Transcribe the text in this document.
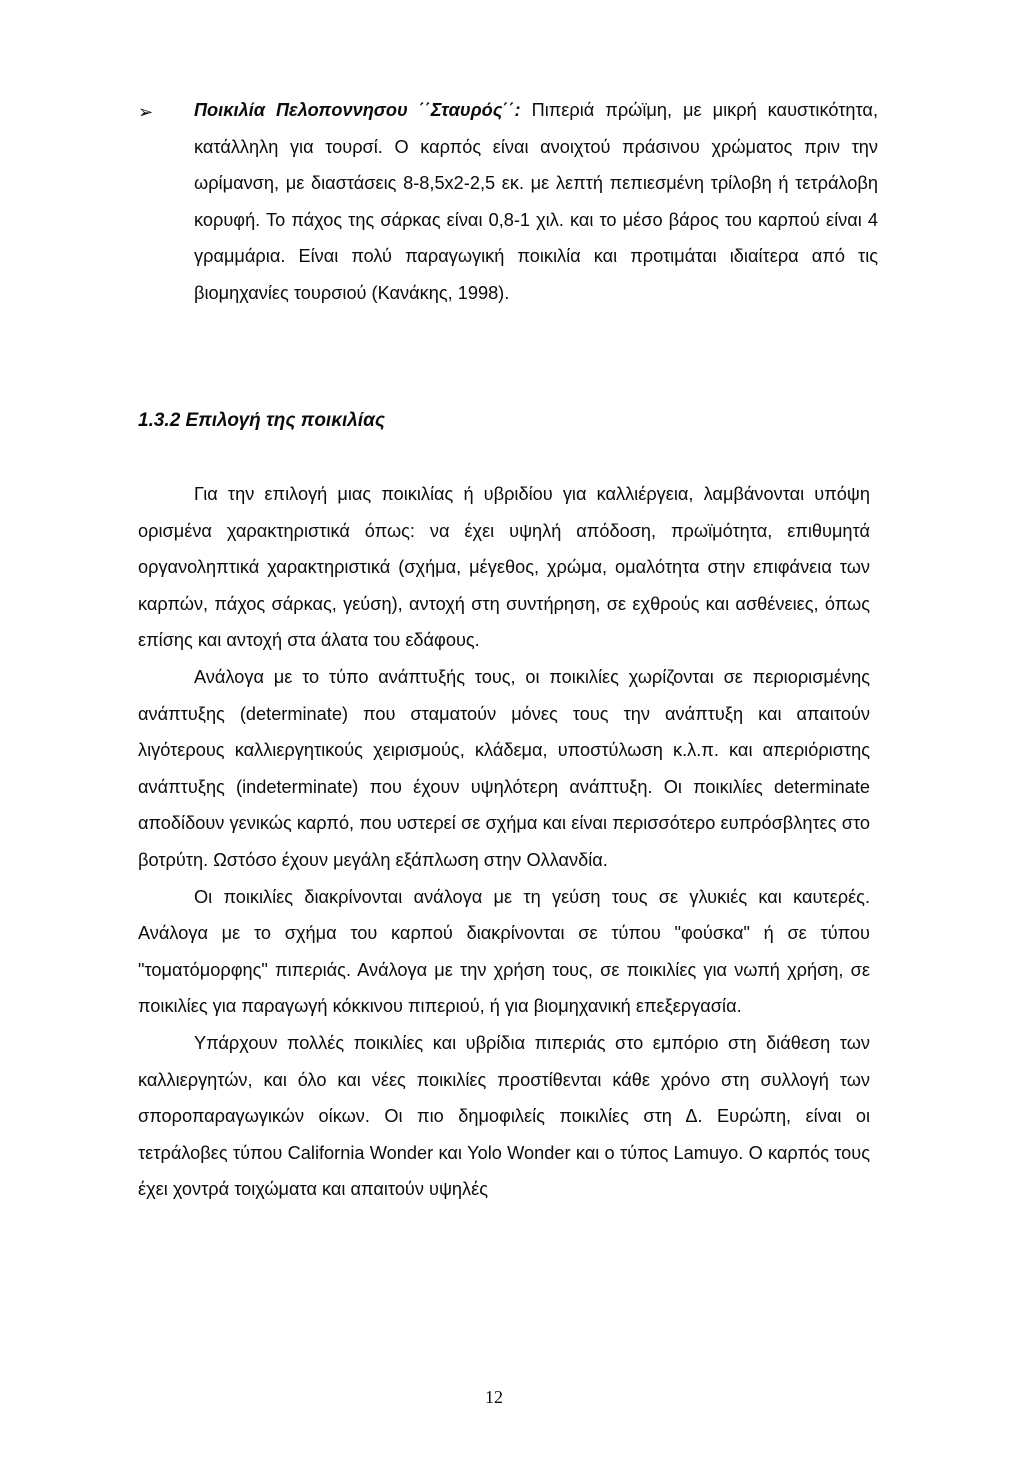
➢ Ποικιλία Πελοποννησου ΄΄Σταυρός΄΄: Πιπεριά πρώϊμη, με μικρή καυστικότητα, κατάλληλη για τουρσί. Ο καρπός είναι ανοιχτού πράσινου χρώματος πριν την ωρίμανση, με διαστάσεις 8-8,5x2-2,5 εκ. με λεπτή πεπιεσμένη τρίλοβη ή τετράλοβη κορυφή. Το πάχος της σάρκας είναι 0,8-1 χιλ. και το μέσο βάρος του καρπού είναι 4 γραμμάρια. Είναι πολύ παραγωγική ποικιλία και προτιμάται ιδιαίτερα από τις βιομηχανίες τουρσιού (Κανάκης, 1998).
1.3.2 Επιλογή της ποικιλίας

Για την επιλογή μιας ποικιλίας ή υβριδίου για καλλιέργεια, λαμβάνονται υπόψη ορισμένα χαρακτηριστικά όπως: να έχει υψηλή απόδοση, πρωϊμότητα, επιθυμητά οργανοληπτικά χαρακτηριστικά (σχήμα, μέγεθος, χρώμα, ομαλότητα στην επιφάνεια των καρπών, πάχος σάρκας, γεύση), αντοχή στη συντήρηση, σε εχθρούς και ασθένειες, όπως επίσης και αντοχή στα άλατα του εδάφους.

Ανάλογα με το τύπο ανάπτυξής τους, οι ποικιλίες χωρίζονται σε περιορισμένης ανάπτυξης (determinate) που σταματούν μόνες τους την ανάπτυξη και απαιτούν λιγότερους καλλιεργητικούς χειρισμούς, κλάδεμα, υποστύλωση κ.λ.π. και απεριόριστης ανάπτυξης (indeterminate) που έχουν υψηλότερη ανάπτυξη. Οι ποικιλίες determinate αποδίδουν γενικώς καρπό, που υστερεί σε σχήμα και είναι περισσότερο ευπρόσβλητες στο βοτρύτη. Ωστόσο έχουν μεγάλη εξάπλωση στην Ολλανδία.

Οι ποικιλίες διακρίνονται ανάλογα με τη γεύση τους σε γλυκιές και καυτερές. Ανάλογα με το σχήμα του καρπού διακρίνονται σε τύπου "φούσκα" ή σε τύπου "τοματόμορφης" πιπεριάς. Ανάλογα με την χρήση τους, σε ποικιλίες για νωπή χρήση, σε ποικιλίες για παραγωγή κόκκινου πιπεριού, ή για βιομηχανική επεξεργασία.

Υπάρχουν πολλές ποικιλίες και υβρίδια πιπεριάς στο εμπόριο στη διάθεση των καλλιεργητών, και όλο και νέες ποικιλίες προστίθενται κάθε χρόνο στη συλλογή των σποροπαραγωγικών οίκων. Οι πιο δημοφιλείς ποικιλίες στη Δ. Ευρώπη, είναι οι τετράλοβες τύπου California Wonder και Yolo Wonder και ο τύπος Lamuyo. Ο καρπός τους έχει χοντρά τοιχώματα και απαιτούν υψηλές

12
